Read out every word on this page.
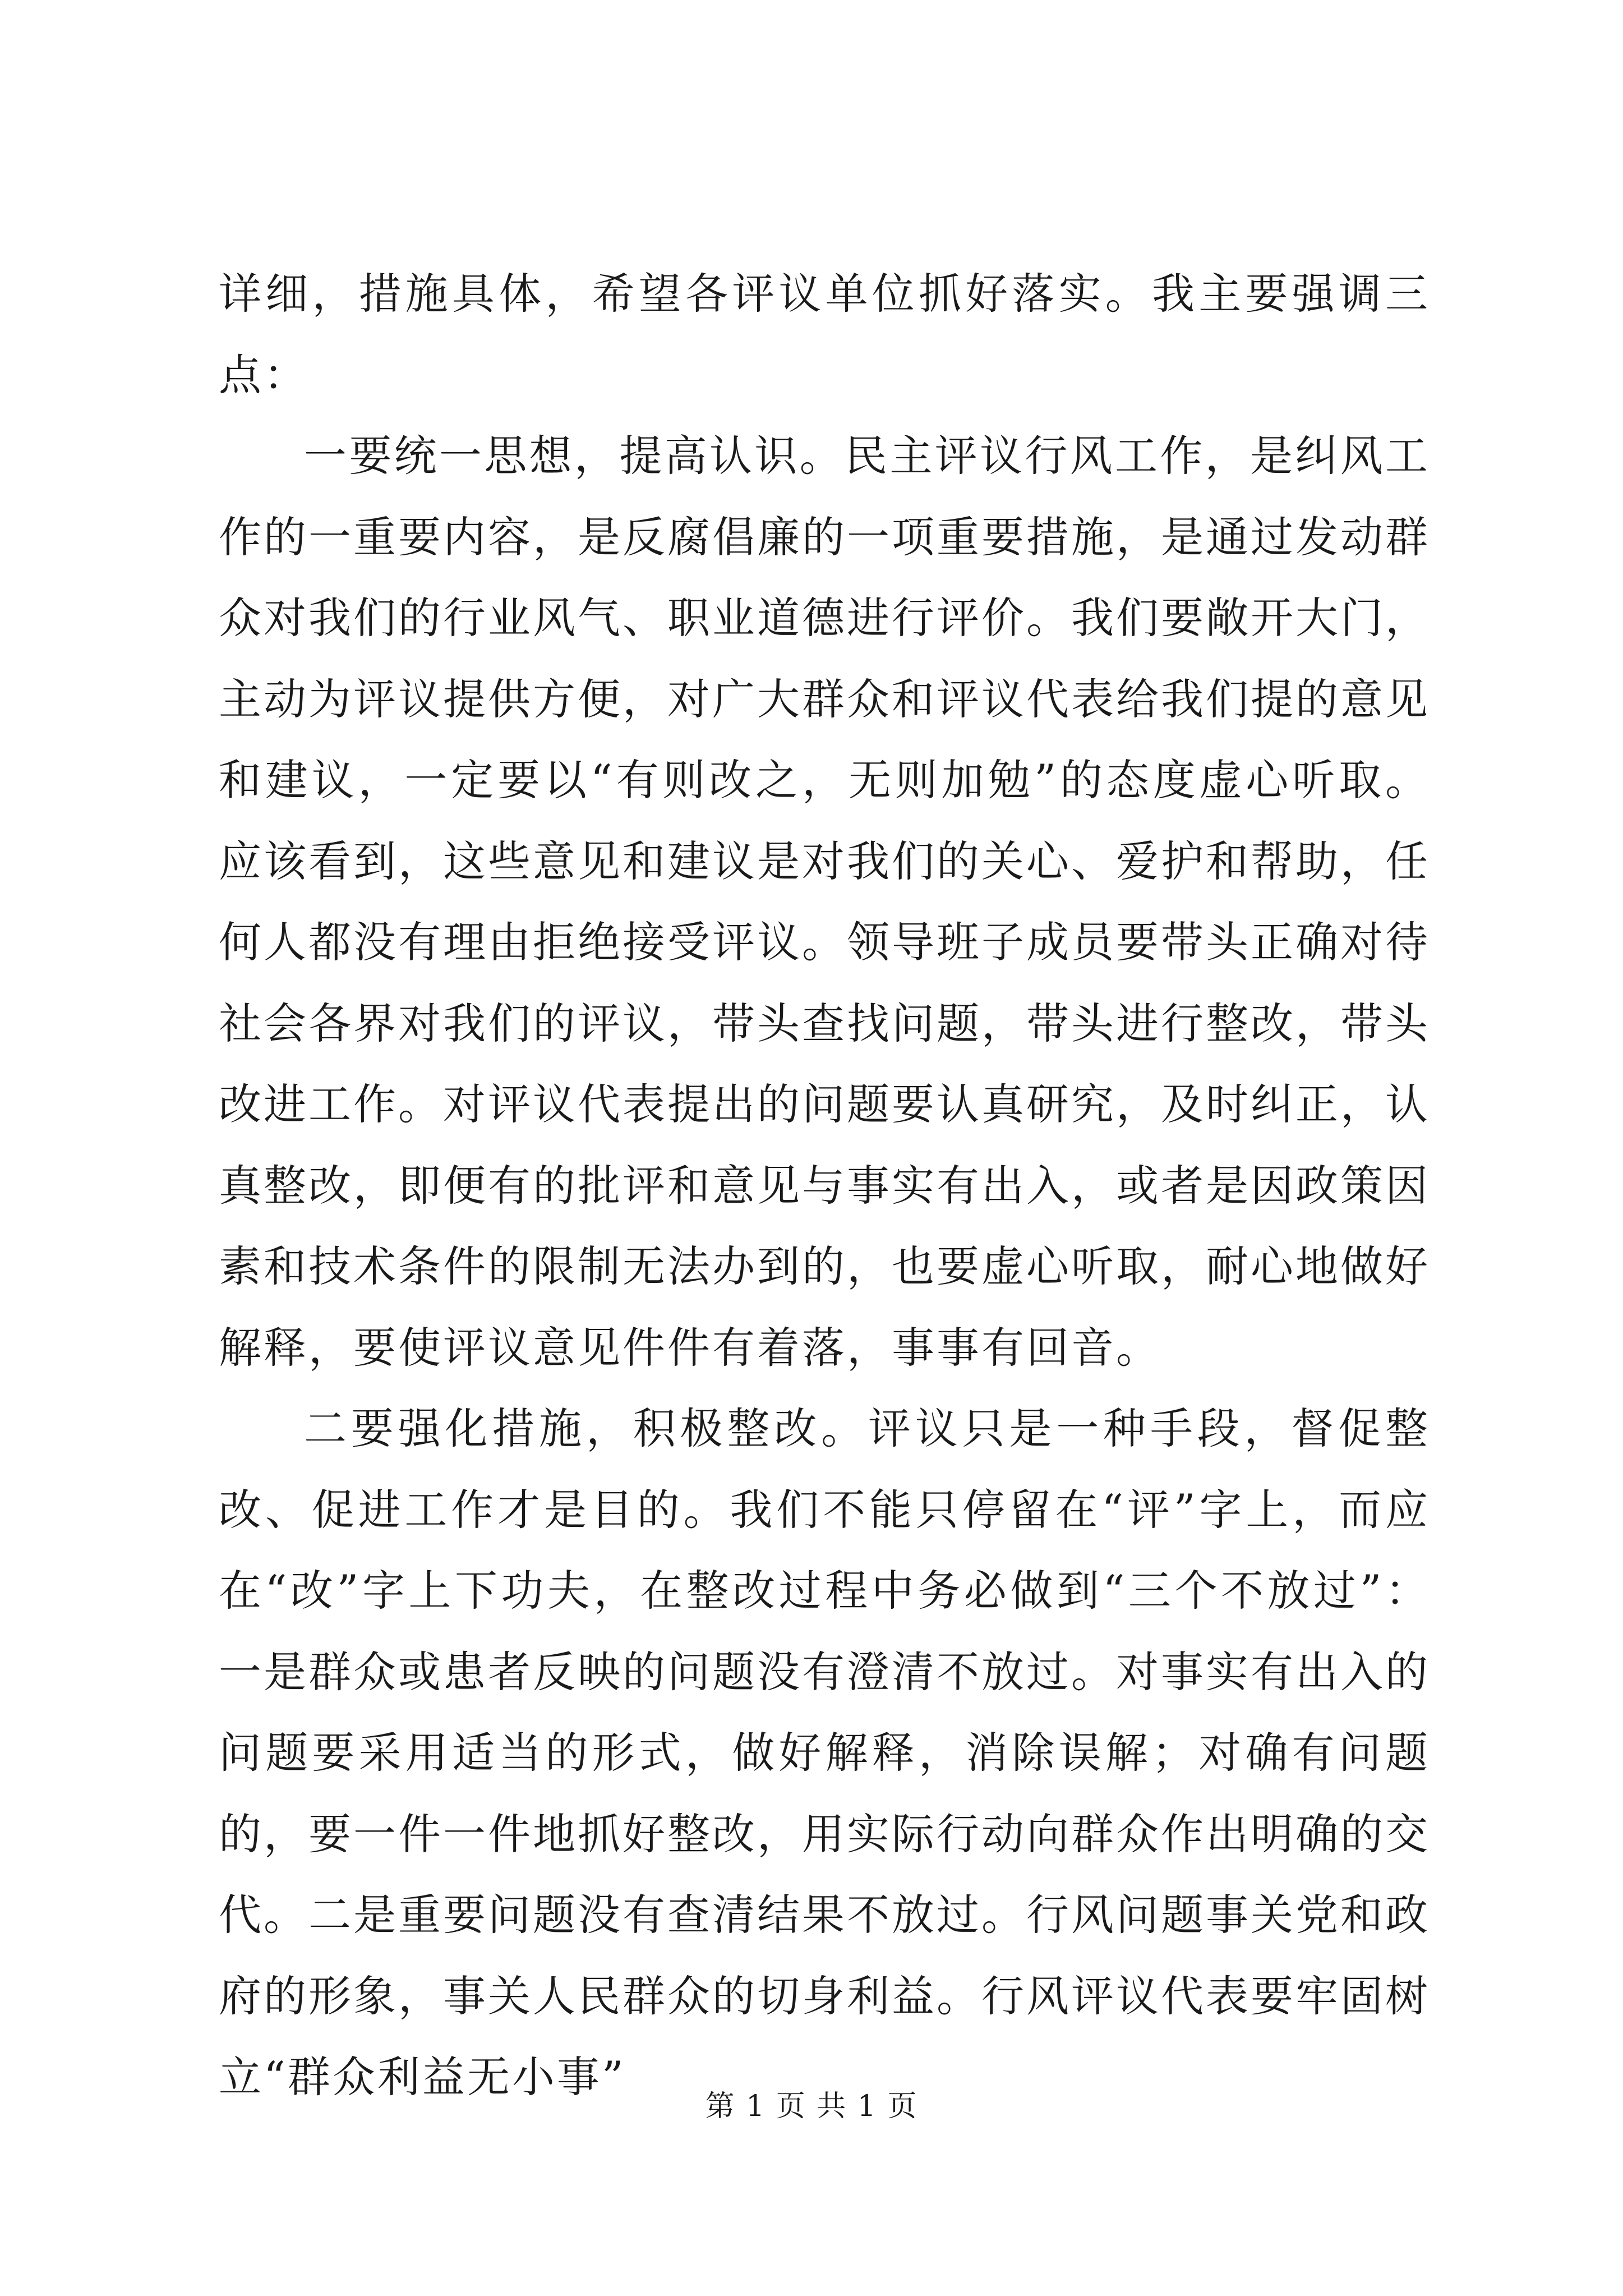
详细，措施具体，希望各评议单位抓好落实。我主要强调三点：

一要统一思想，提高认识。民主评议行风工作，是纠风工作的一重要内容，是反腐倡廉的一项重要措施，是通过发动群众对我们的行业风气、职业道德进行评价。我们要敞开大门，主动为评议提供方便，对广大群众和评议代表给我们提的意见和建议，一定要以“有则改之，无则加勉”的态度虚心听取。应该看到，这些意见和建议是对我们的关心、爱护和帮助，任何人都没有理由拒绝接受评议。领导班子成员要带头正确对待社会各界对我们的评议，带头查找问题，带头进行整改，带头改进工作。对评议代表提出的问题要认真研究，及时纠正，认真整改，即便有的批评和意见与事实有出入，或者是因政策因素和技术条件的限制无法办到的，也要虚心听取，耐心地做好解释，要使评议意见件件有着落，事事有回音。

二要强化措施，积极整改。评议只是一种手段，督促整改、促进工作才是目的。我们不能只停留在“评”字上，而应在“改”字上下功夫，在整改过程中务必做到“三个不放过”：一是群众或患者反映的问题没有澄清不放过。对事实有出入的问题要采用适当的形式，做好解释，消除误解；对确有问题的，要一件一件地抓好整改，用实际行动向群众作出明确的交代。二是重要问题没有查清结果不放过。行风问题事关党和政府的形象，事关人民群众的切身利益。行风评议代表要牢固树立“群众利益无小事”

第 1 页 共 1 页
